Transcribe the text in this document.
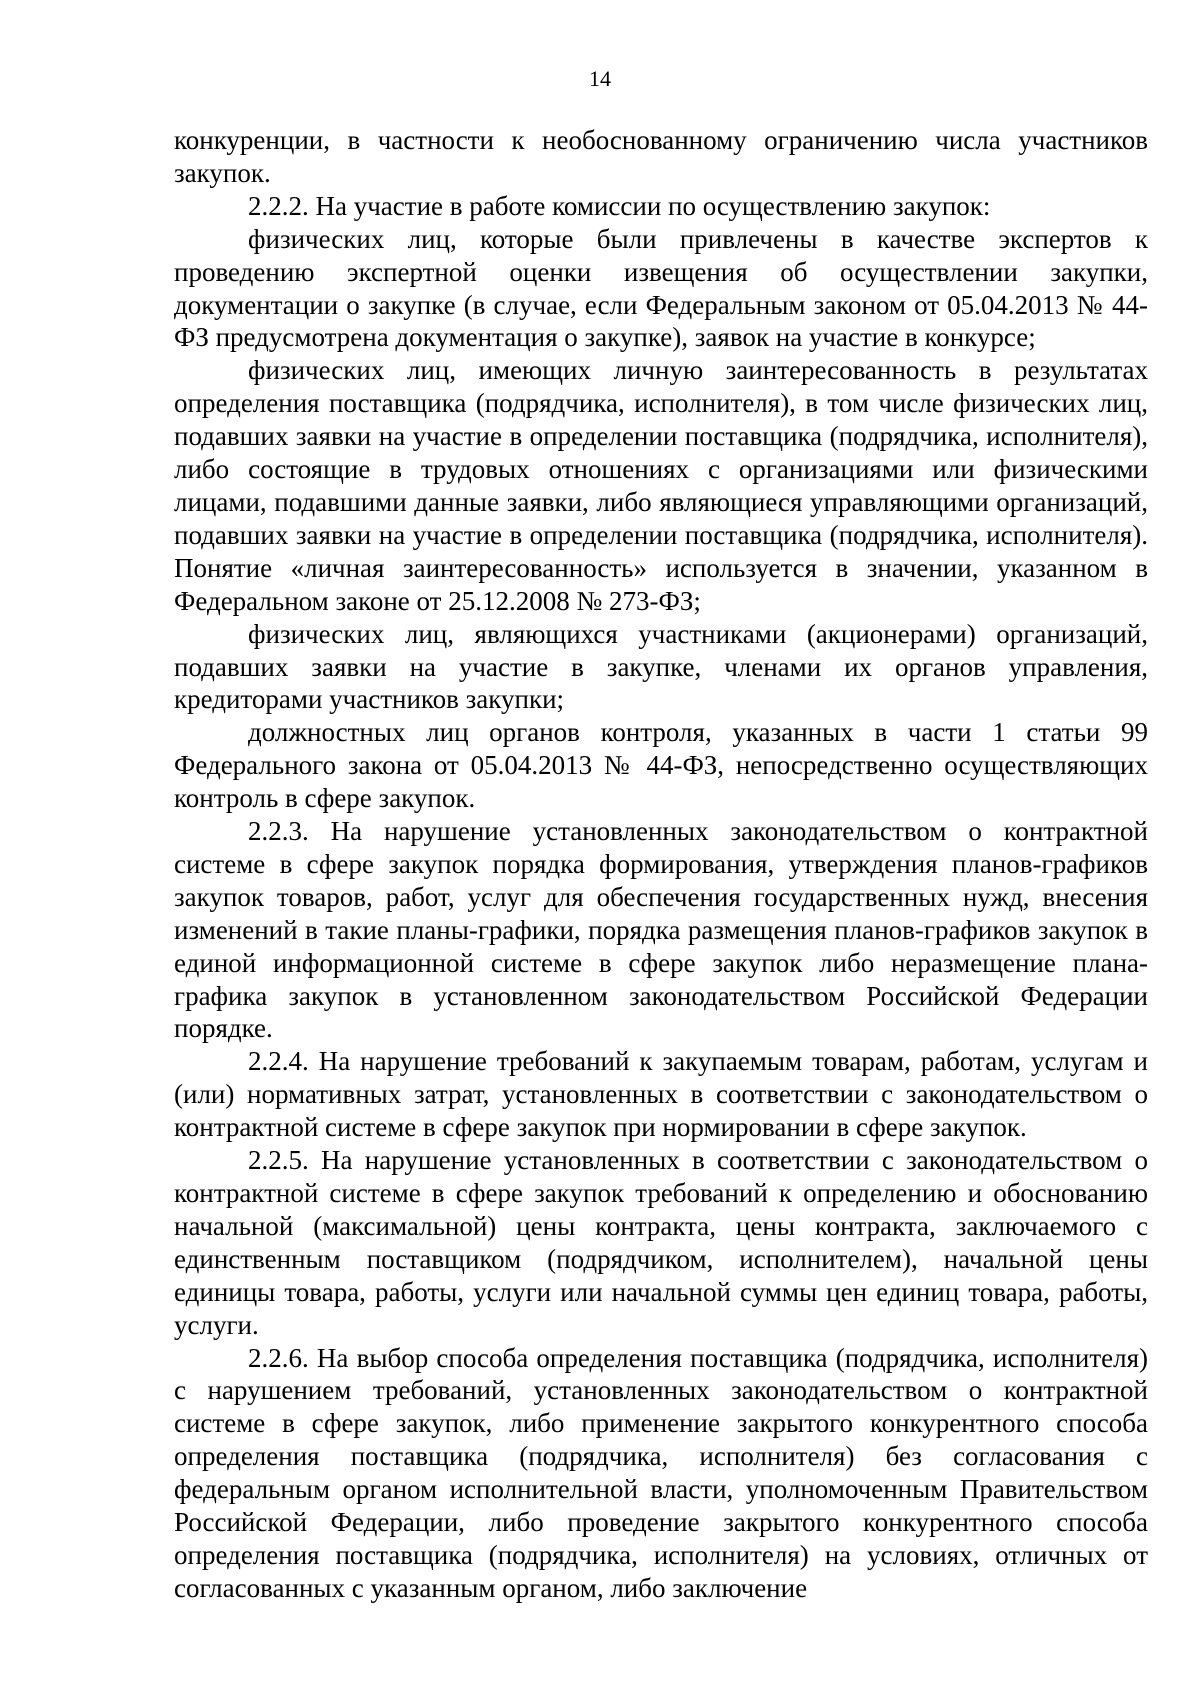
14

конкуренции, в частности к необоснованному ограничению числа участников закупок.

2.2.2. На участие в работе комиссии по осуществлению закупок:

физических лиц, которые были привлечены в качестве экспертов к проведению экспертной оценки извещения об осуществлении закупки, документации о закупке (в случае, если Федеральным законом от 05.04.2013 № 44-ФЗ предусмотрена документация о закупке), заявок на участие в конкурсе;

физических лиц, имеющих личную заинтересованность в результатах определения поставщика (подрядчика, исполнителя), в том числе физических лиц, подавших заявки на участие в определении поставщика (подрядчика, исполнителя), либо состоящие в трудовых отношениях с организациями или физическими лицами, подавшими данные заявки, либо являющиеся управляющими организаций, подавших заявки на участие в определении поставщика (подрядчика, исполнителя). Понятие «личная заинтересованность» используется в значении, указанном в Федеральном законе от 25.12.2008 № 273-ФЗ;

физических лиц, являющихся участниками (акционерами) организаций, подавших заявки на участие в закупке, членами их органов управления, кредиторами участников закупки;

должностных лиц органов контроля, указанных в части 1 статьи 99 Федерального закона от 05.04.2013 № 44-ФЗ, непосредственно осуществляющих контроль в сфере закупок.

2.2.3. На нарушение установленных законодательством о контрактной системе в сфере закупок порядка формирования, утверждения планов-графиков закупок товаров, работ, услуг для обеспечения государственных нужд, внесения изменений в такие планы-графики, порядка размещения планов-графиков закупок в единой информационной системе в сфере закупок либо неразмещение плана-графика закупок в установленном законодательством Российской Федерации порядке.

2.2.4. На нарушение требований к закупаемым товарам, работам, услугам и (или) нормативных затрат, установленных в соответствии с законодательством о контрактной системе в сфере закупок при нормировании в сфере закупок.

2.2.5. На нарушение установленных в соответствии с законодательством о контрактной системе в сфере закупок требований к определению и обоснованию начальной (максимальной) цены контракта, цены контракта, заключаемого с единственным поставщиком (подрядчиком, исполнителем), начальной цены единицы товара, работы, услуги или начальной суммы цен единиц товара, работы, услуги.

2.2.6. На выбор способа определения поставщика (подрядчика, исполнителя) с нарушением требований, установленных законодательством о контрактной системе в сфере закупок, либо применение закрытого конкурентного способа определения поставщика (подрядчика, исполнителя) без согласования с федеральным органом исполнительной власти, уполномоченным Правительством Российской Федерации, либо проведение закрытого конкурентного способа определения поставщика (подрядчика, исполнителя) на условиях, отличных от согласованных с указанным органом, либо заключение
